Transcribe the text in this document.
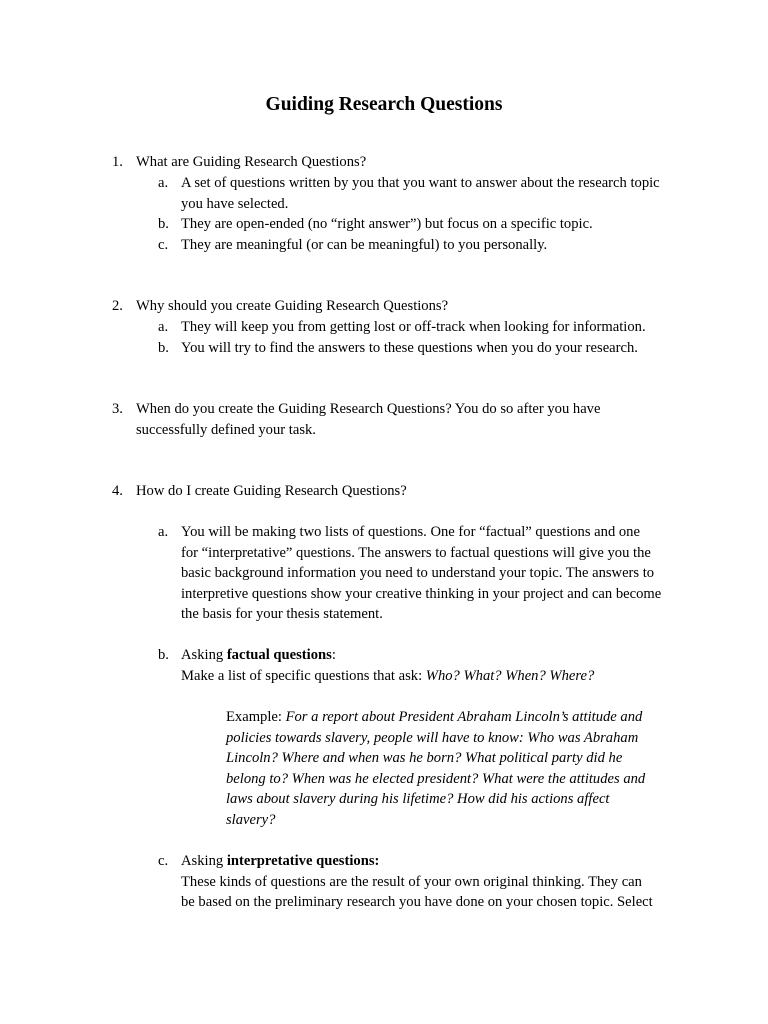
Guiding Research Questions
1. What are Guiding Research Questions?
a. A set of questions written by you that you want to answer about the research topic
you have selected.
b. They are open-ended (no “right answer”) but focus on a specific topic.
c. They are meaningful (or can be meaningful) to you personally.
2. Why should you create Guiding Research Questions?
a. They will keep you from getting lost or off-track when looking for information.
b. You will try to find the answers to these questions when you do your research.
3. When do you create the Guiding Research Questions? You do so after you have
successfully defined your task.
4. How do I create Guiding Research Questions?
a. You will be making two lists of questions. One for “factual” questions and one
for “interpretative” questions. The answers to factual questions will give you the
basic background information you need to understand your topic. The answers to
interpretive questions show your creative thinking in your project and can become
the basis for your thesis statement.
b. Asking factual questions:
Make a list of specific questions that ask: Who? What? When? Where?
Example: For a report about President Abraham Lincoln’s attitude and
policies towards slavery, people will have to know: Who was Abraham
Lincoln? Where and when was he born? What political party did he
belong to? When was he elected president? What were the attitudes and
laws about slavery during his lifetime? How did his actions affect
slavery?
c. Asking interpretative questions:
These kinds of questions are the result of your own original thinking. They can
be based on the preliminary research you have done on your chosen topic. Select
